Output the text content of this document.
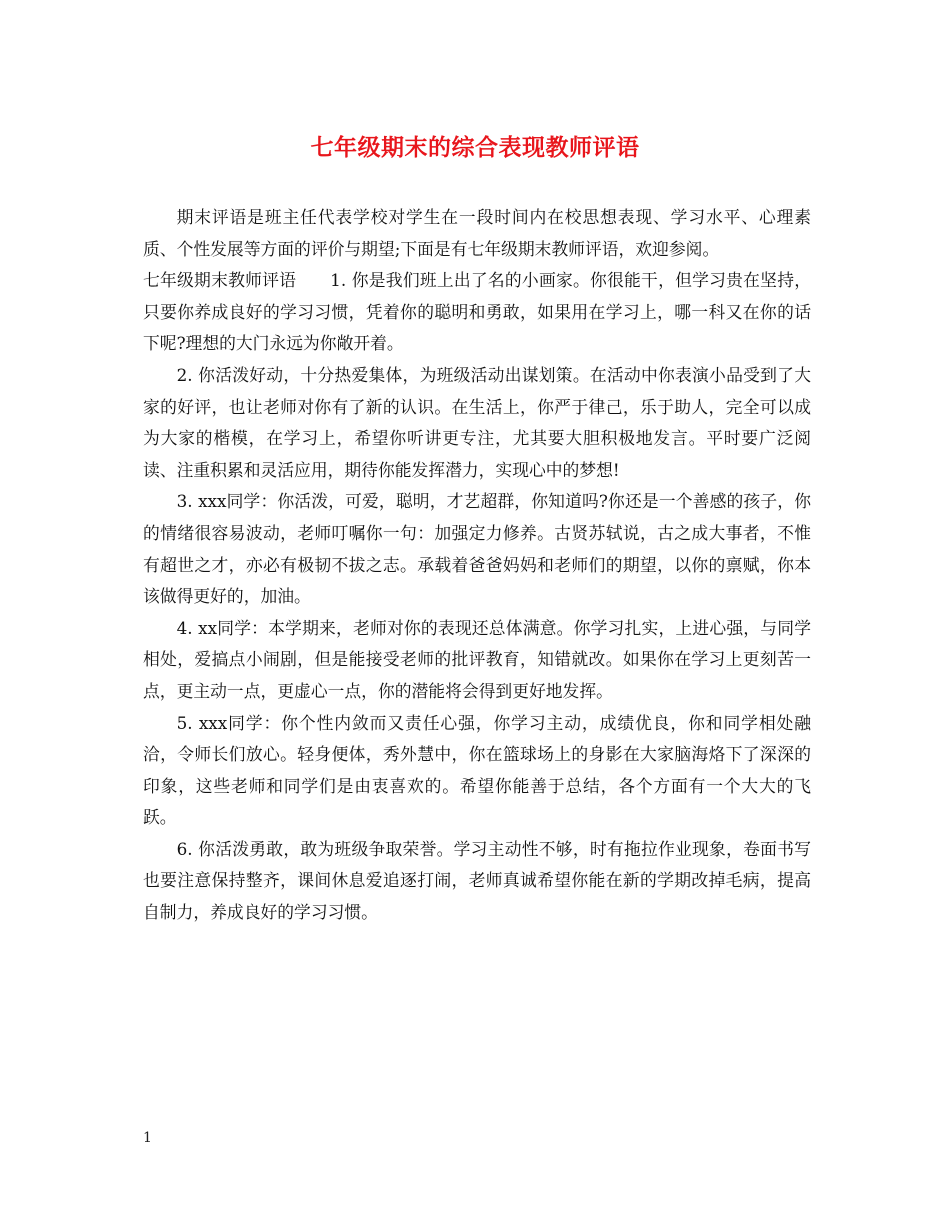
七年级期末的综合表现教师评语

期末评语是班主任代表学校对学生在一段时间内在校思想表现、学习水平、心理素质、个性发展等方面的评价与期望;下面是有七年级期末教师评语，欢迎参阅。

七年级期末教师评语　　1. 你是我们班上出了名的小画家。你很能干，但学习贵在坚持，只要你养成良好的学习习惯，凭着你的聪明和勇敢，如果用在学习上，哪一科又在你的话下呢?理想的大门永远为你敞开着。

2. 你活泼好动，十分热爱集体，为班级活动出谋划策。在活动中你表演小品受到了大家的好评，也让老师对你有了新的认识。在生活上，你严于律己，乐于助人，完全可以成为大家的楷模，在学习上，希望你听讲更专注，尤其要大胆积极地发言。平时要广泛阅读、注重积累和灵活应用，期待你能发挥潜力，实现心中的梦想!

3. xxx同学：你活泼，可爱，聪明，才艺超群，你知道吗?你还是一个善感的孩子，你的情绪很容易波动，老师叮嘱你一句：加强定力修养。古贤苏轼说，古之成大事者，不惟有超世之才，亦必有极韧不拔之志。承载着爸爸妈妈和老师们的期望，以你的禀赋，你本该做得更好的，加油。

4. xx同学：本学期来，老师对你的表现还总体满意。你学习扎实，上进心强，与同学相处，爱搞点小闹剧，但是能接受老师的批评教育，知错就改。如果你在学习上更刻苦一点，更主动一点，更虚心一点，你的潜能将会得到更好地发挥。

5. xxx同学：你个性内敛而又责任心强，你学习主动，成绩优良，你和同学相处融洽，令师长们放心。轻身便体，秀外慧中，你在篮球场上的身影在大家脑海烙下了深深的印象，这些老师和同学们是由衷喜欢的。希望你能善于总结，各个方面有一个大大的飞跃。

6. 你活泼勇敢，敢为班级争取荣誉。学习主动性不够，时有拖拉作业现象，卷面书写也要注意保持整齐，课间休息爱追逐打闹，老师真诚希望你能在新的学期改掉毛病，提高自制力，养成良好的学习习惯。

1
